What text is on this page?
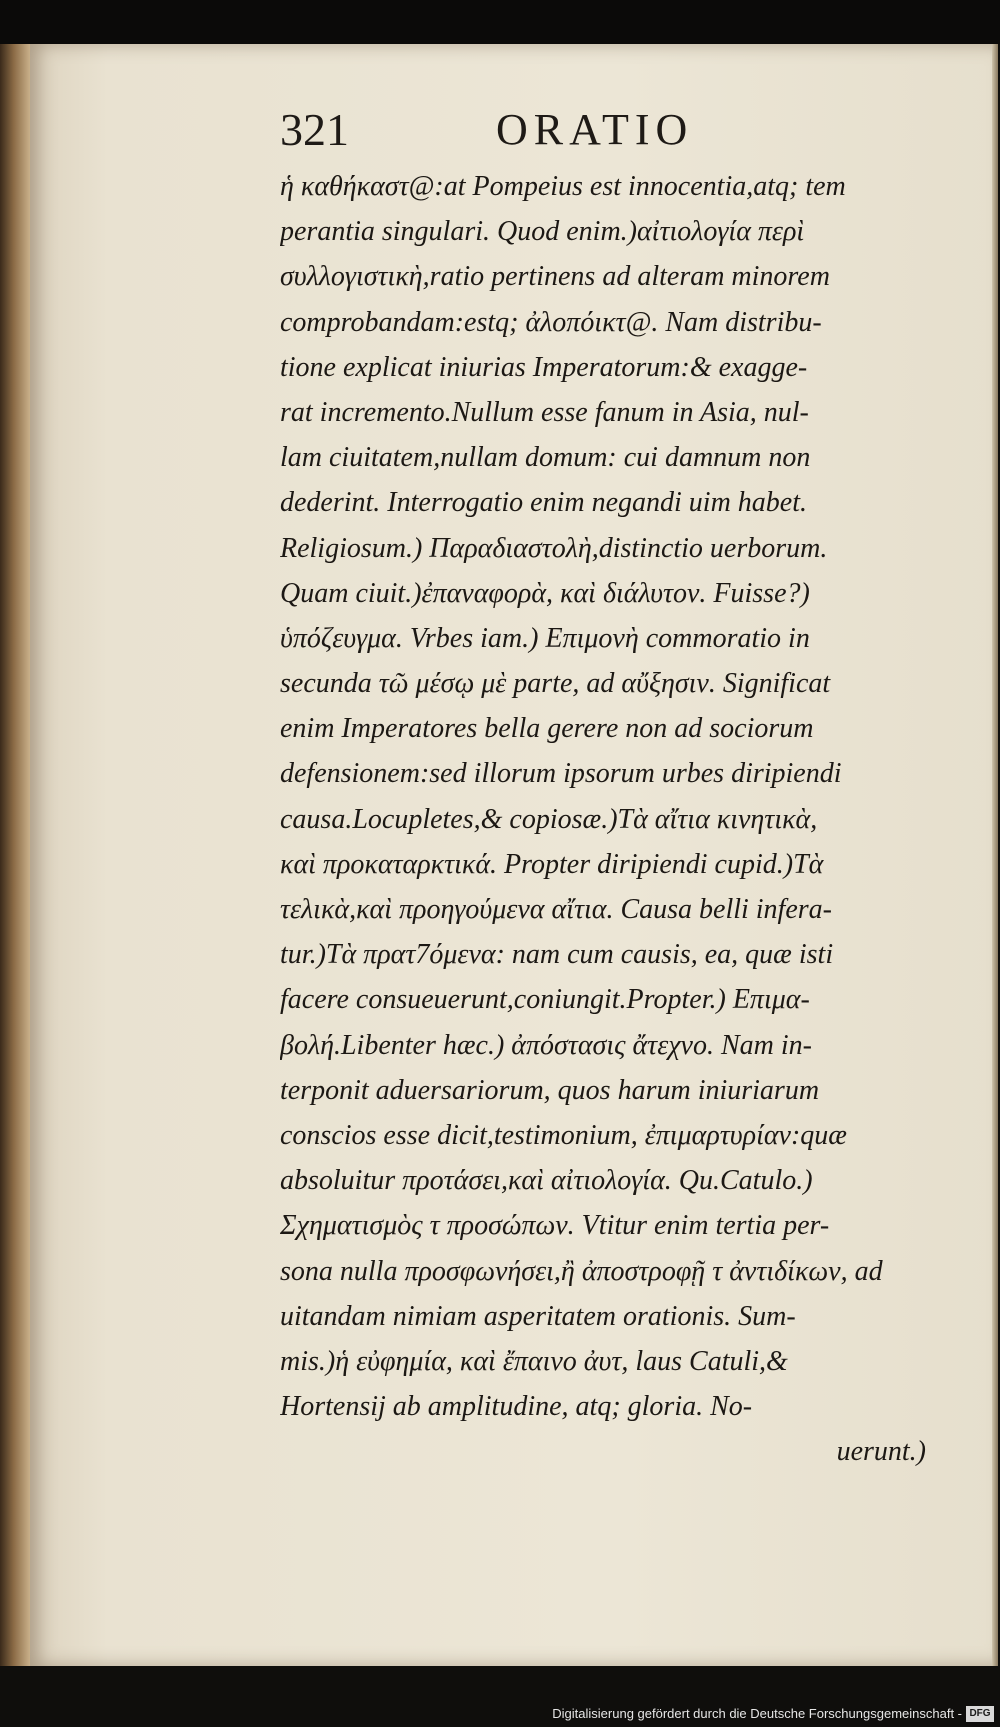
321	ORATIO
ἡ καθήκαστ@:at Pompeius est innocentia,atq; tem
perantia singulari. Quod enim.)αἰτιολογία περὶ
συλλογιστικὴ,ratio pertinens ad alteram minorem
comprobandam:estq; ἀλοπόικτ@. Nam distribu-
tione explicat iniurias Imperatorum:& exagge-
rat incremento.Nullum esse fanum in Asia, nul-
lam ciuitatem,nullam domum: cui damnum non
dederint. Interrogatio enim negandi uim habet.
Religiosum.) Παραδιαστολὴ,distinctio uerborum.
Quam ciuit.)ἐπαναφορὰ, καὶ διάλυτον. Fuisse?)
ὑπόζευγμα. Vrbes iam.) Επιμονὴ commoratio in
secunda τῶ μέσῳ μὲ parte, ad αὔξησιν. Significat
enim Imperatores bella gerere non ad sociorum
defensionem:sed illorum ipsorum urbes diripiendi
causa.Locupletes,& copiosæ.)Τὰ αἴτια κινητικὰ,
καὶ προκαταρκτικά. Propter diripiendi cupid.)Τὰ
τελικὰ,καὶ προηγούμενα αἴτια. Causa belli infera-
tur.)Τὰ πρατ7όμενα: nam cum causis, ea, quæ isti
facere consueuerunt,coniungit.Propter.) Επιμα-
βολή.Libenter hæc.) ἀπόστασις ἄτεχνο. Nam in-
terponit aduersariorum, quos harum iniuriarum
conscios esse dicit,testimonium, ἐπιμαρτυρίαν:quæ
absoluitur προτάσει,καὶ αἰτιολογία. Qu.Catulo.)
Σχηματισμὸς τ προσώπων. Vtitur enim tertia per-
sona nulla προσφωνήσει,ἢ ἀποστροφῇ τ ἀντιδίκων, ad
uitandam nimiam asperitatem orationis. Sum-
mis.)ἡ εὐφημία, καὶ ἔπαινο ἀυτ, laus Catuli,&
Hortensij ab amplitudine, atq; gloria. No-
uerunt.)
Digitalisierung gefördert durch die Deutsche Forschungsgemeinschaft - DFG
